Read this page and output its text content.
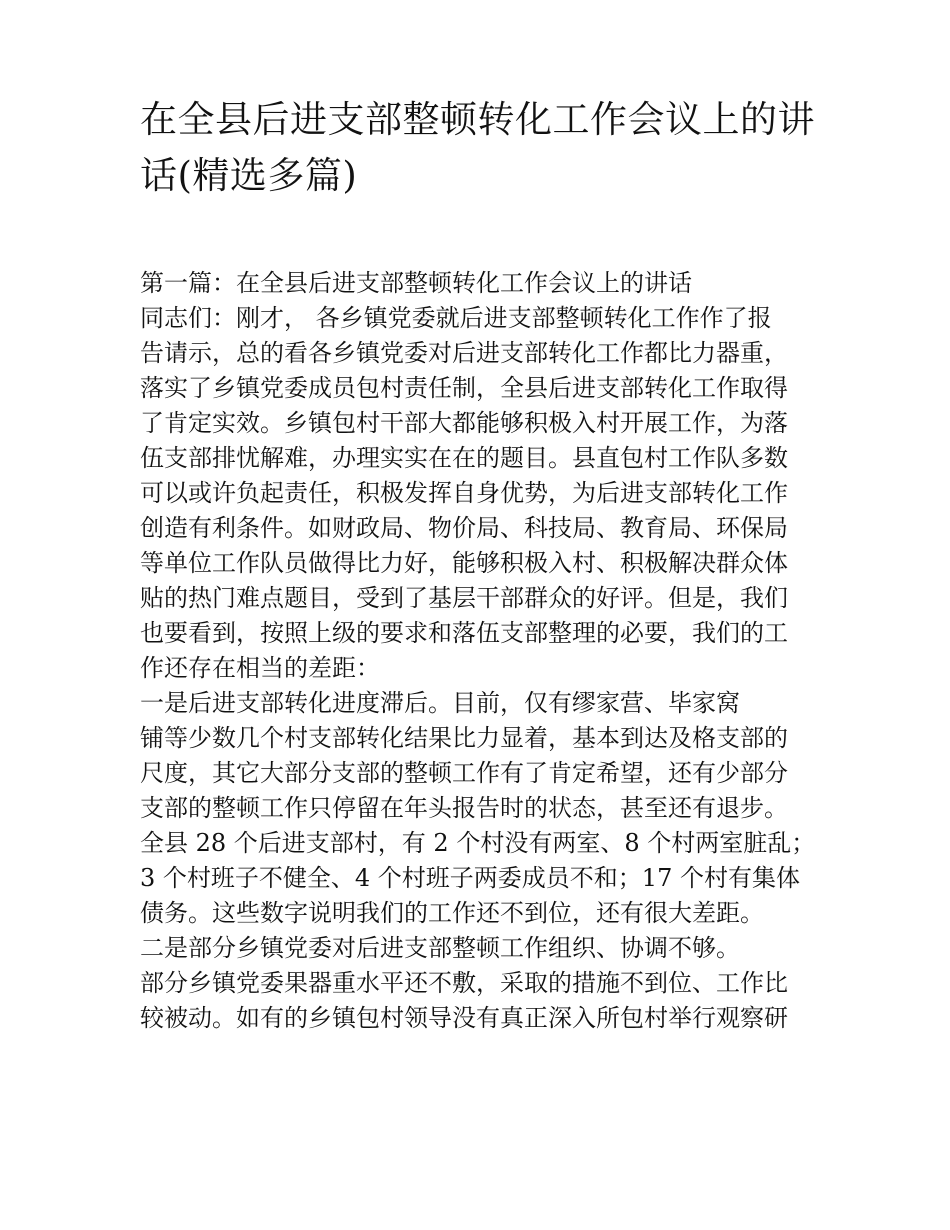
在全县后进支部整顿转化工作会议上的讲
话(精选多篇)
第一篇：在全县后进支部整顿转化工作会议上的讲话
同志们：刚才， 各乡镇党委就后进支部整顿转化工作作了报
告请示，总的看各乡镇党委对后进支部转化工作都比力器重，
落实了乡镇党委成员包村责任制，全县后进支部转化工作取得
了肯定实效。乡镇包村干部大都能够积极入村开展工作，为落
伍支部排忧解难，办理实实在在的题目。县直包村工作队多数
可以或许负起责任，积极发挥自身优势，为后进支部转化工作
创造有利条件。如财政局、物价局、科技局、教育局、环保局
等单位工作队员做得比力好，能够积极入村、积极解决群众体
贴的热门难点题目，受到了基层干部群众的好评。但是，我们
也要看到，按照上级的要求和落伍支部整理的必要，我们的工
作还存在相当的差距：
一是后进支部转化进度滞后。目前，仅有缪家营、毕家窝
铺等少数几个村支部转化结果比力显着，基本到达及格支部的
尺度，其它大部分支部的整顿工作有了肯定希望，还有少部分
支部的整顿工作只停留在年头报告时的状态，甚至还有退步。
全县 28 个后进支部村，有 2 个村没有两室、8 个村两室脏乱；
3 个村班子不健全、4 个村班子两委成员不和；17 个村有集体
债务。这些数字说明我们的工作还不到位，还有很大差距。
二是部分乡镇党委对后进支部整顿工作组织、协调不够。
部分乡镇党委果器重水平还不敷，采取的措施不到位、工作比
较被动。如有的乡镇包村领导没有真正深入所包村举行观察研
